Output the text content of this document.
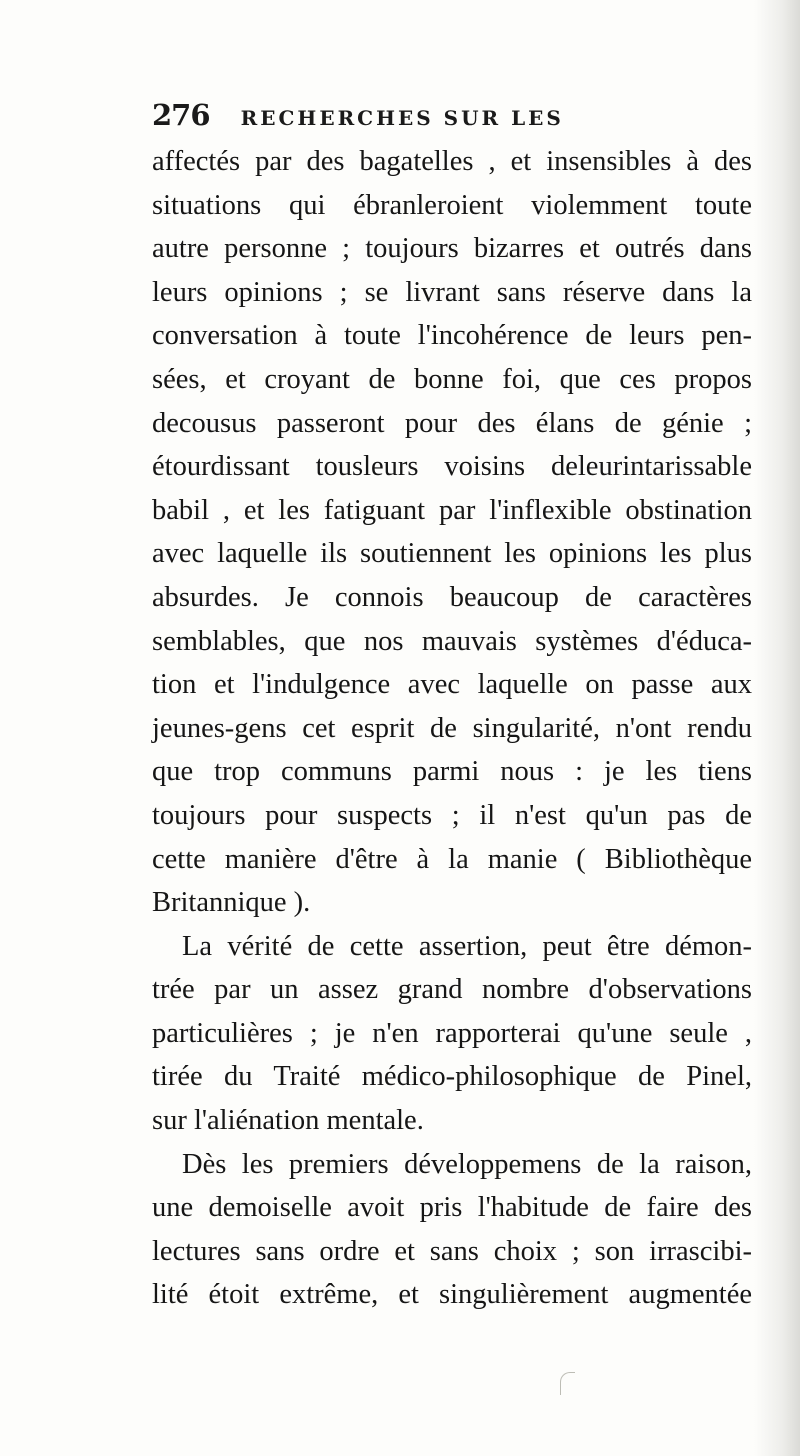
276 RECHERCHES SUR LES
affectés par des bagatelles , et insensibles à des
situations qui ébranleroient violemment toute
autre personne ; toujours bizarres et outrés dans
leurs opinions ; se livrant sans réserve dans la
conversation à toute l'incohérence de leurs pen-
sées, et croyant de bonne foi, que ces propos
decousus passeront pour des élans de génie ;
étourdissant tousleurs voisins deleurintarissable
babil , et les fatiguant par l'inflexible obstination
avec laquelle ils soutiennent les opinions les plus
absurdes. Je connois beaucoup de caractères
semblables, que nos mauvais systèmes d'éduca-
tion et l'indulgence avec laquelle on passe aux
jeunes-gens cet esprit de singularité, n'ont rendu
que trop communs parmi nous : je les tiens
toujours pour suspects ; il n'est qu'un pas de
cette manière d'être à la manie ( Bibliothèque
Britannique ).
La vérité de cette assertion, peut être démon-
trée par un assez grand nombre d'observations
particulières ; je n'en rapporterai qu'une seule ,
tirée du Traité médico-philosophique de Pinel,
sur l'aliénation mentale.
Dès les premiers développemens de la raison,
une demoiselle avoit pris l'habitude de faire des
lectures sans ordre et sans choix ; son irrascibi-
lité étoit extrême, et singulièrement augmentée
